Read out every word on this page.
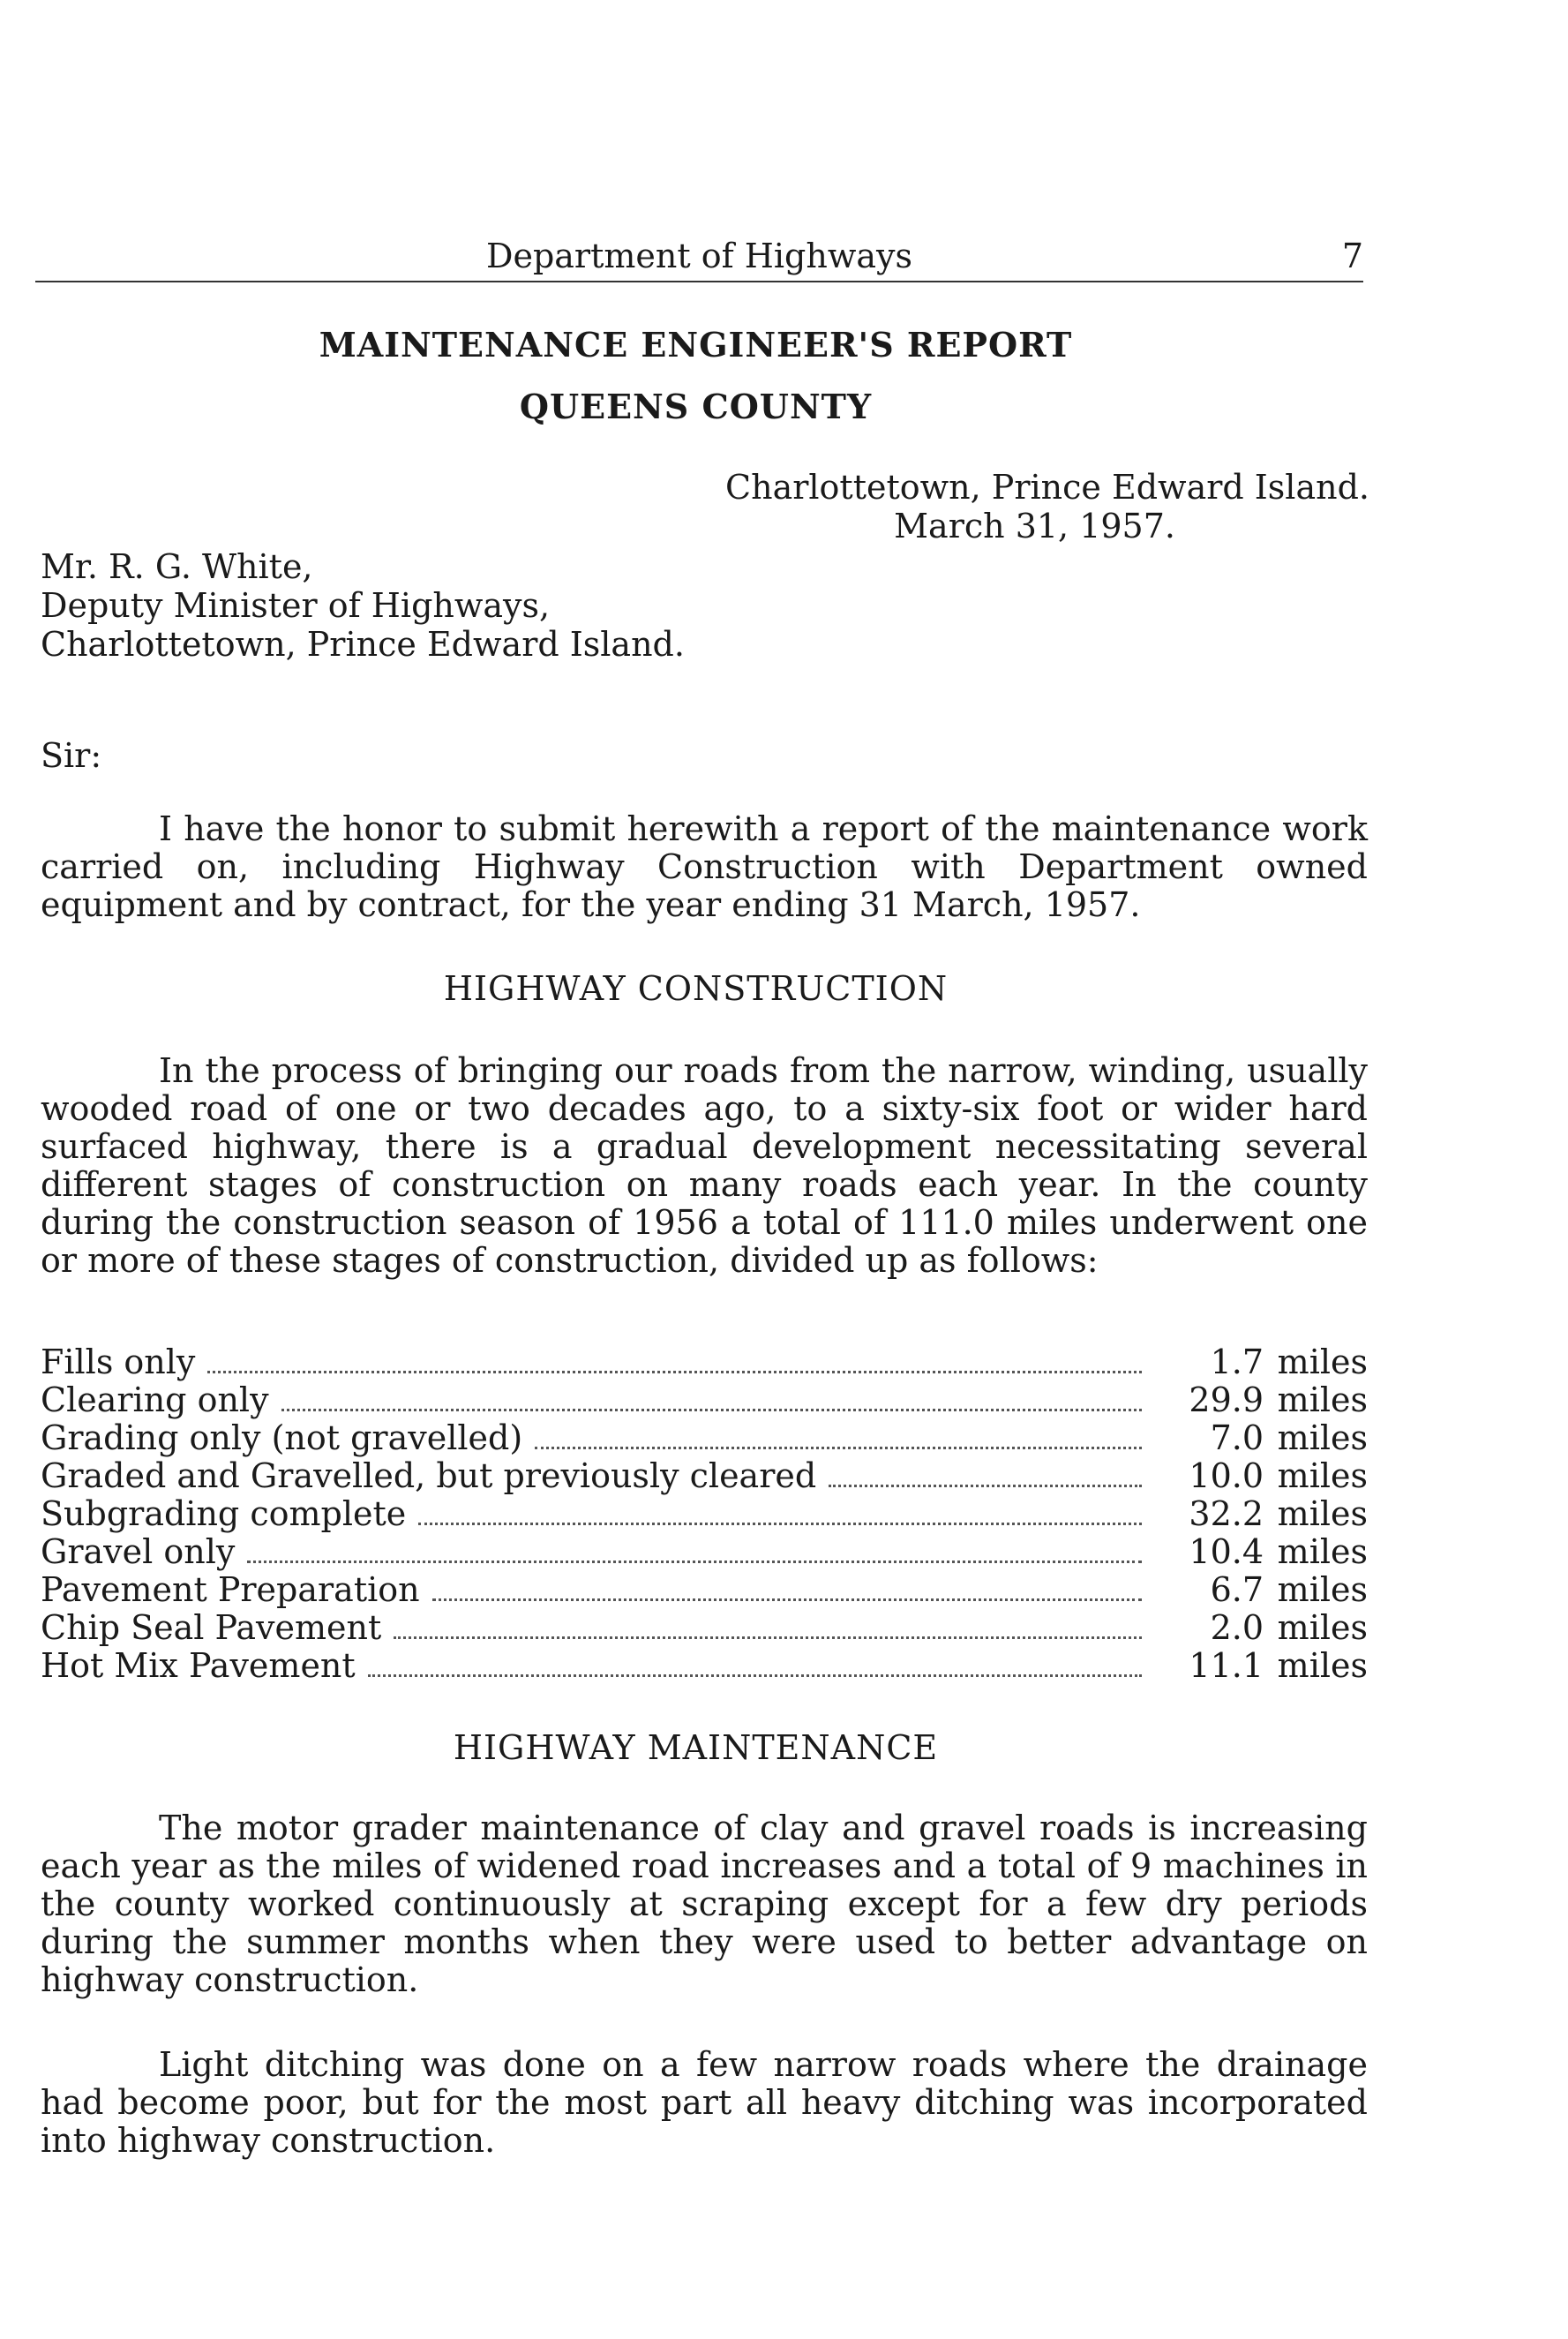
Department of Highways	7
MAINTENANCE ENGINEER'S REPORT
QUEENS COUNTY
Charlottetown, Prince Edward Island.
March 31, 1957.
Mr. R. G. White,
Deputy Minister of Highways,
Charlottetown, Prince Edward Island.
Sir:

I have the honor to submit herewith a report of the maintenance work carried on, including Highway Construction with Department owned equipment and by contract, for the year ending 31 March, 1957.

HIGHWAY CONSTRUCTION

In the process of bringing our roads from the narrow, winding, usually wooded road of one or two decades ago, to a sixty-six foot or wider hard surfaced highway, there is a gradual development necessitating several different stages of construction on many roads each year. In the county during the construction season of 1956 a total of 111.0 miles underwent one or more of these stages of construction, divided up as follows:

Fills only	1.7 miles
Clearing only	29.9 miles
Grading only (not gravelled)	7.0 miles
Graded and Gravelled, but previously cleared	10.0 miles
Subgrading complete	32.2 miles
Gravel only	10.4 miles
Pavement Preparation	6.7 miles
Chip Seal Pavement	2.0 miles
Hot Mix Pavement	11.1 miles
HIGHWAY MAINTENANCE

The motor grader maintenance of clay and gravel roads is increasing each year as the miles of widened road increases and a total of 9 machines in the county worked continuously at scraping except for a few dry periods during the summer months when they were used to better advantage on highway construction.

Light ditching was done on a few narrow roads where the drainage had become poor, but for the most part all heavy ditching was incorporated into highway construction.
